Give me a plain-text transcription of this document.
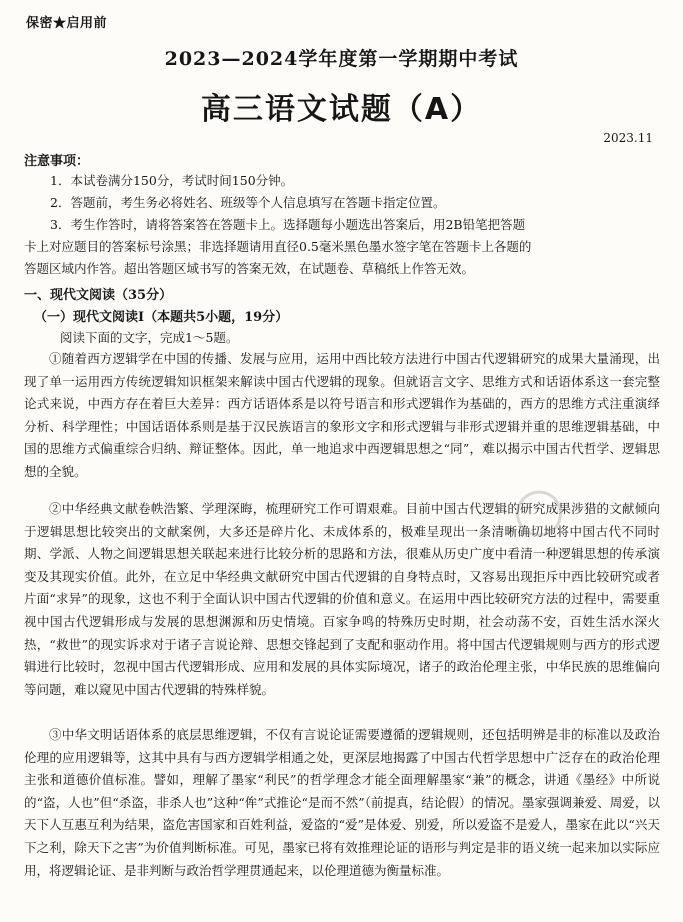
保密★启用前
2023—2024学年度第一学期期中考试
高三语文试题（A）
2023.11
注意事项：
1．本试卷满分150分，考试时间150分钟。
2．答题前，考生务必将姓名、班级等个人信息填写在答题卡指定位置。
3．考生作答时，请将答案答在答题卡上。选择题每小题选出答案后，用2B铅笔把答题
卡上对应题目的答案标号涂黑；非选择题请用直径0.5毫米黑色墨水签字笔在答题卡上各题的
答题区域内作答。超出答题区域书写的答案无效，在试题卷、草稿纸上作答无效。
一、现代文阅读（35分）
（一）现代文阅读Ⅰ（本题共5小题，19分）
阅读下面的文字，完成1～5题。
①随着西方逻辑学在中国的传播、发展与应用，运用中西比较方法进行中国古代逻辑研究的成果大量涌现，出现了单一运用西方传统逻辑知识框架来解读中国古代逻辑的现象。但就语言文字、思维方式和话语体系这一套完整论式来说，中西方存在着巨大差异：西方话语体系是以符号语言和形式逻辑作为基础的，西方的思维方式注重演绎分析、科学理性；中国话语体系则是基于汉民族语言的象形文字和形式逻辑与非形式逻辑并重的思维逻辑基础，中国的思维方式偏重综合归纳、辩证整体。因此，单一地追求中西逻辑思想之“同”，难以揭示中国古代哲学、逻辑思想的全貌。
②中华经典文献卷帙浩繁、学理深晦，梳理研究工作可谓艰难。目前中国古代逻辑的研究成果涉猎的文献倾向于逻辑思想比较突出的文献案例，大多还是碎片化、未成体系的，极难呈现出一条清晰确切地将中国古代不同时期、学派、人物之间逻辑思想关联起来进行比较分析的思路和方法，很难从历史广度中看清一种逻辑思想的传承演变及其现实价值。此外，在立足中华经典文献研究中国古代逻辑的自身特点时，又容易出现拒斥中西比较研究或者片面“求异”的现象，这也不利于全面认识中国古代逻辑的价值和意义。在运用中西比较研究方法的过程中，需要重视中国古代逻辑形成与发展的思想渊源和历史情境。百家争鸣的特殊历史时期，社会动荡不安，百姓生活水深火热，“救世”的现实诉求对于诸子言说论辩、思想交锋起到了支配和驱动作用。将中国古代逻辑规则与西方的形式逻辑进行比较时，忽视中国古代逻辑形成、应用和发展的具体实际境况，诸子的政治伦理主张，中华民族的思维偏向等问题，难以窥见中国古代逻辑的特殊样貌。
③中华文明话语体系的底层思维逻辑，不仅有言说论证需要遵循的逻辑规则，还包括明辨是非的标准以及政治伦理的应用逻辑等，这其中具有与西方逻辑学相通之处，更深层地揭露了中国古代哲学思想中广泛存在的政治伦理主张和道德价值标准。譬如，理解了墨家“利民”的哲学理念才能全面理解墨家“兼”的概念，讲通《墨经》中所说的“盗，人也”但“杀盗，非杀人也”这种“侔”式推论“是而不然”（前提真，结论假）的情况。墨家强调兼爱、周爱，以天下人互惠互利为结果，盗危害国家和百姓利益，爱盗的“爱”是体爱、别爱，所以爱盗不是爱人，墨家在此以“兴天下之利，除天下之害”为价值判断标准。可见，墨家已将有效推理论证的语形与判定是非的语义统一起来加以实际应用，将逻辑论证、是非判断与政治哲学理贯通起来，以伦理道德为衡量标准。
